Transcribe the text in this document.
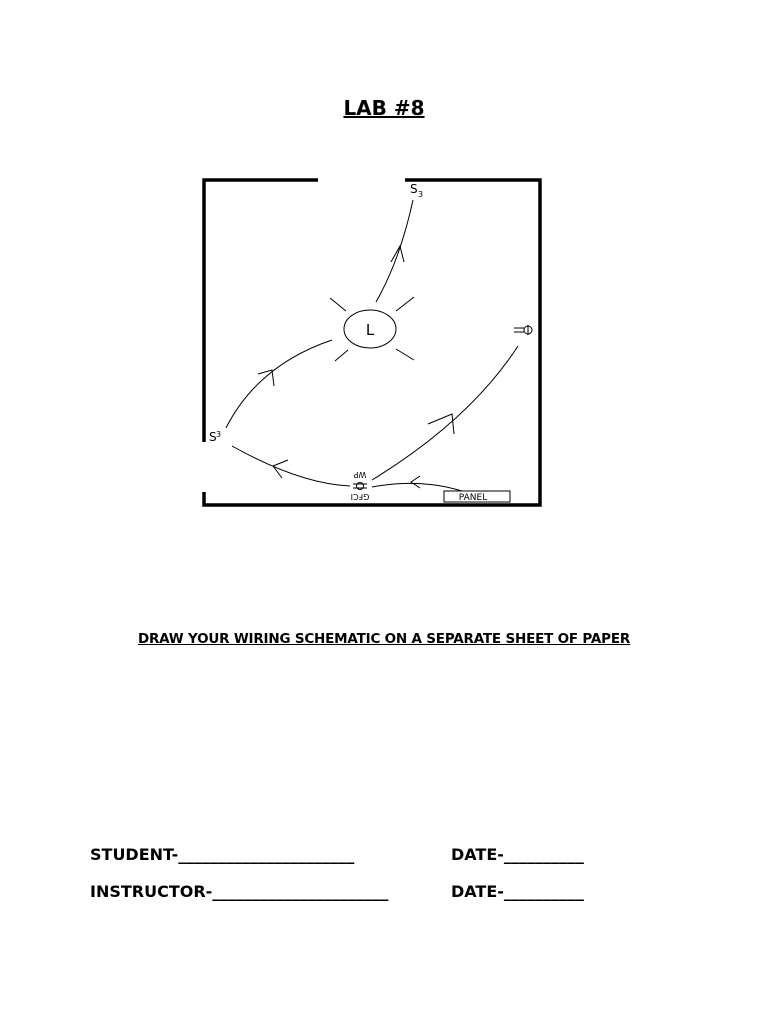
LAB #8
L
S 3
S 3
WP
GFCI	PANEL
DRAW YOUR WIRING SCHEMATIC ON A SEPARATE SHEET OF PAPER
STUDENT-______________________	DATE-__________
INSTRUCTOR-______________________	DATE-__________
